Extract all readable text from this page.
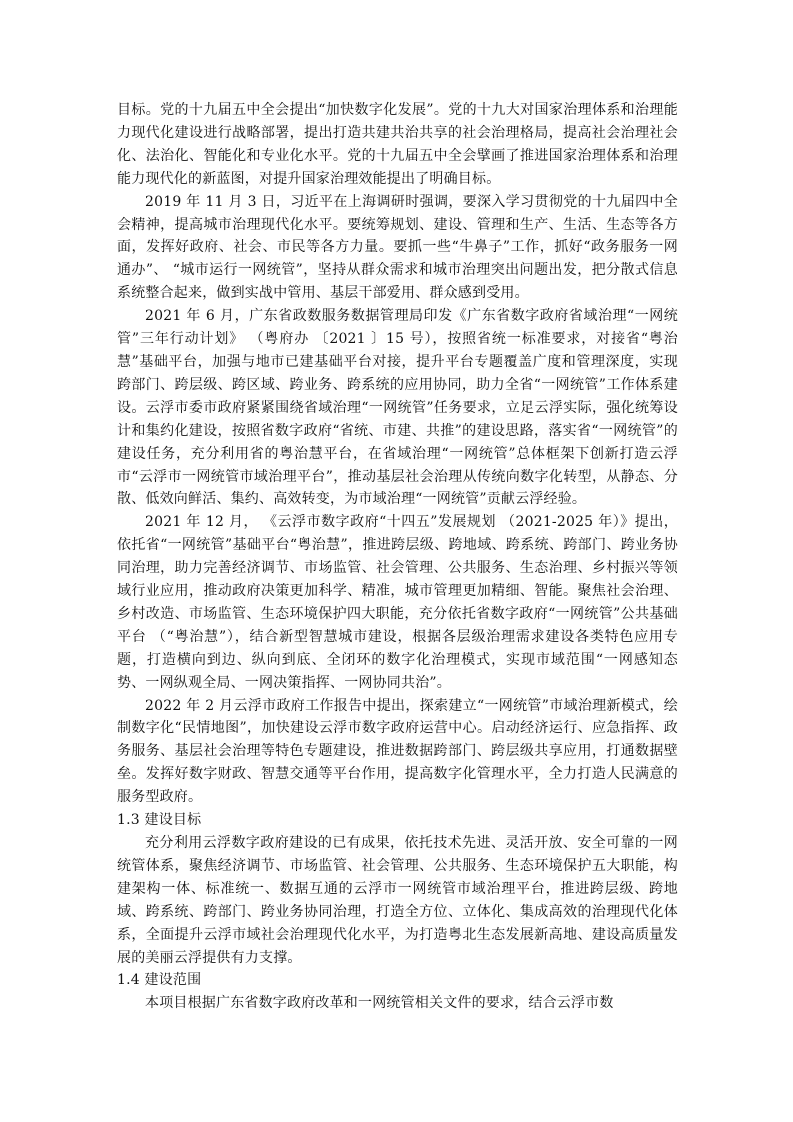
目标。党的十九届五中全会提出“加快数字化发展”。党的十九大对国家治理体系和治理能力现代化建设进行战略部署，提出打造共建共治共享的社会治理格局，提高社会治理社会化、法治化、智能化和专业化水平。党的十九届五中全会擘画了推进国家治理体系和治理能力现代化的新蓝图，对提升国家治理效能提出了明确目标。

2019 年 11 月 3 日，习近平在上海调研时强调，要深入学习贯彻党的十九届四中全会精神，提高城市治理现代化水平。要统筹规划、建设、管理和生产、生活、生态等各方面，发挥好政府、社会、市民等各方力量。要抓一些“牛鼻子”工作，抓好“政务服务一网通办”、 “城市运行一网统管”，坚持从群众需求和城市治理突出问题出发，把分散式信息系统整合起来，做到实战中管用、基层干部爱用、群众感到受用。

2021 年 6 月，广东省政数服务数据管理局印发《广东省数字政府省域治理“一网统管”三年行动计划》 （粤府办 〔2021 〕15 号），按照省统一标准要求，对接省“粤治慧”基础平台，加强与地市已建基础平台对接，提升平台专题覆盖广度和管理深度，实现跨部门、跨层级、跨区域、跨业务、跨系统的应用协同，助力全省“一网统管”工作体系建设。云浮市委市政府紧紧围绕省域治理“一网统管”任务要求，立足云浮实际，强化统筹设计和集约化建设，按照省数字政府“省统、市建、共推”的建设思路，落实省“一网统管”的建设任务，充分利用省的粤治慧平台，在省域治理“一网统管”总体框架下创新打造云浮市“云浮市一网统管市域治理平台”，推动基层社会治理从传统向数字化转型，从静态、分散、低效向鲜活、集约、高效转变，为市域治理“一网统管”贡献云浮经验。

2021 年 12 月， 《云浮市数字政府“十四五”发展规划 （2021-2025 年）》提出，依托省“一网统管”基础平台“粤治慧”，推进跨层级、跨地域、跨系统、跨部门、跨业务协同治理，助力完善经济调节、市场监管、社会管理、公共服务、生态治理、乡村振兴等领域行业应用，推动政府决策更加科学、精准，城市管理更加精细、智能。聚焦社会治理、乡村改造、市场监管、生态环境保护四大职能，充分依托省数字政府“一网统管”公共基础平台 （“粤治慧”），结合新型智慧城市建设，根据各层级治理需求建设各类特色应用专题，打造横向到边、纵向到底、全闭环的数字化治理模式，实现市域范围“一网感知态势、一网纵观全局、一网决策指挥、一网协同共治”。

2022 年 2 月云浮市政府工作报告中提出，探索建立“一网统管”市域治理新模式，绘制数字化“民情地图”，加快建设云浮市数字政府运营中心。启动经济运行、应急指挥、政务服务、基层社会治理等特色专题建设，推进数据跨部门、跨层级共享应用，打通数据壁垒。发挥好数字财政、智慧交通等平台作用，提高数字化管理水平，全力打造人民满意的服务型政府。

1.3 建设目标

充分利用云浮数字政府建设的已有成果，依托技术先进、灵活开放、安全可靠的一网统管体系，聚焦经济调节、市场监管、社会管理、公共服务、生态环境保护五大职能，构建架构一体、标准统一、数据互通的云浮市一网统管市域治理平台，推进跨层级、跨地域、跨系统、跨部门、跨业务协同治理，打造全方位、立体化、集成高效的治理现代化体系，全面提升云浮市域社会治理现代化水平，为打造粤北生态发展新高地、建设高质量发展的美丽云浮提供有力支撑。

1.4 建设范围

本项目根据广东省数字政府改革和一网统管相关文件的要求，结合云浮市数
